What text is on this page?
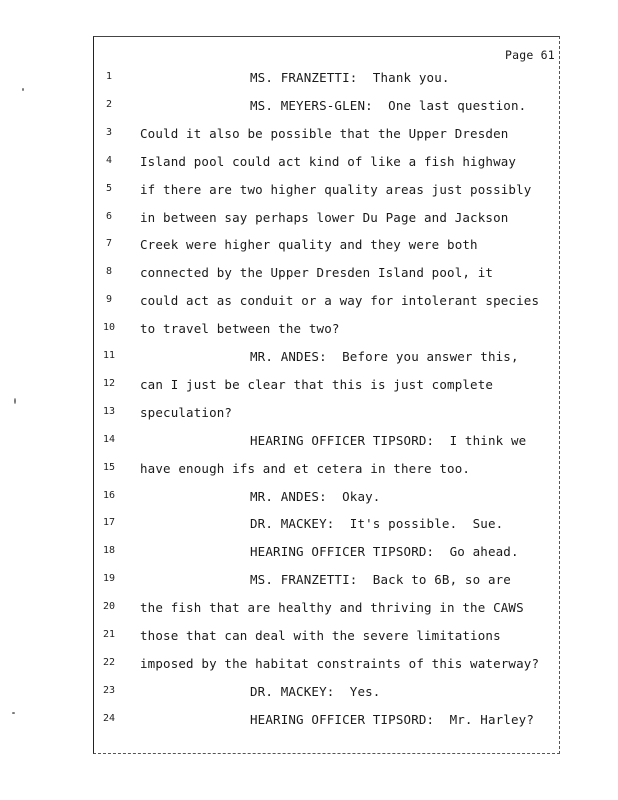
Page 61
1	MS. FRANZETTI:  Thank you.
2	MS. MEYERS-GLEN:  One last question.
3	Could it also be possible that the Upper Dresden
4	Island pool could act kind of like a fish highway
5	if there are two higher quality areas just possibly
6	in between say perhaps lower Du Page and Jackson
7	Creek were higher quality and they were both
8	connected by the Upper Dresden Island pool, it
9	could act as conduit or a way for intolerant species
10	to travel between the two?
11	MR. ANDES:  Before you answer this,
12	can I just be clear that this is just complete
13	speculation?
14	HEARING OFFICER TIPSORD:  I think we
15	have enough ifs and et cetera in there too.
16	MR. ANDES:  Okay.
17	DR. MACKEY:  It's possible.  Sue.
18	HEARING OFFICER TIPSORD:  Go ahead.
19	MS. FRANZETTI:  Back to 6B, so are
20	the fish that are healthy and thriving in the CAWS
21	those that can deal with the severe limitations
22	imposed by the habitat constraints of this waterway?
23	DR. MACKEY:  Yes.
24	HEARING OFFICER TIPSORD:  Mr. Harley?
